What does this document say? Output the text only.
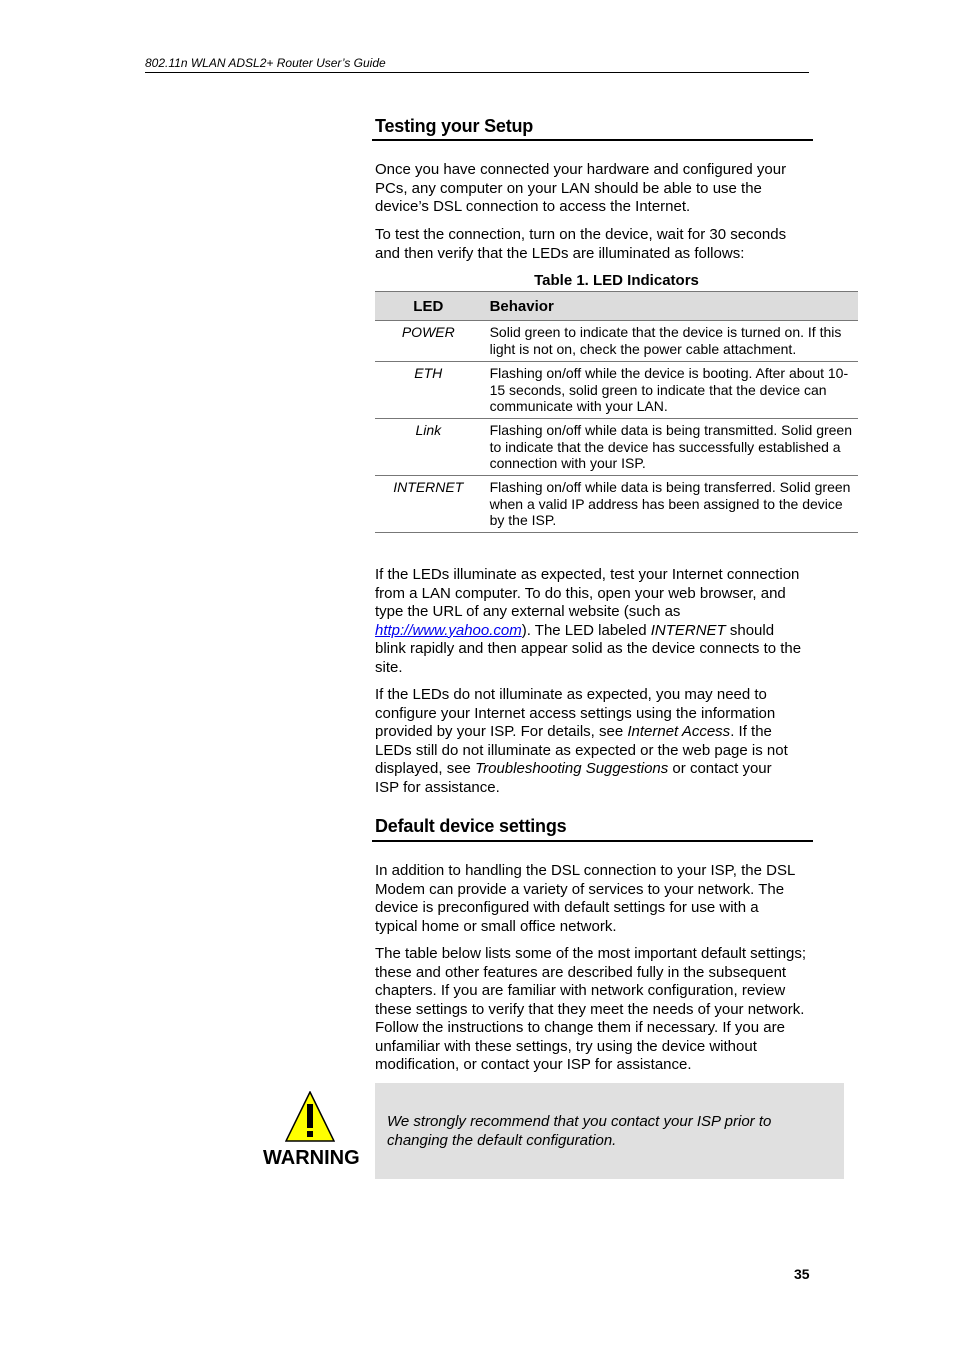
802.11n WLAN ADSL2+ Router User’s Guide
Testing your Setup

Once you have connected your hardware and configured your
PCs, any computer on your LAN should be able to use the
device’s DSL connection to access the Internet.

To test the connection, turn on the device, wait for 30 seconds
and then verify that the LEDs are illuminated as follows:

Table 1. LED Indicators
LED	Behavior
POWER	Solid green to indicate that the device is turned on. If this
light is not on, check the power cable attachment.

ETH	Flashing on/off while the device is booting. After about 10-
15 seconds, solid green to indicate that the device can
communicate with your LAN.

Link	Flashing on/off while data is being transmitted. Solid green
to indicate that the device has successfully established a
connection with your ISP.

INTERNET	Flashing on/off while data is being transferred. Solid green
when a valid IP address has been assigned to the device
by the ISP.

If the LEDs illuminate as expected, test your Internet connection
from a LAN computer. To do this, open your web browser, and
type the URL of any external website (such as
http://www.yahoo.com). The LED labeled INTERNET should
blink rapidly and then appear solid as the device connects to the
site.

If the LEDs do not illuminate as expected, you may need to
configure your Internet access settings using the information
provided by your ISP. For details, see Internet Access. If the
LEDs still do not illuminate as expected or the web page is not
displayed, see Troubleshooting Suggestions or contact your
ISP for assistance.

Default device settings

In addition to handling the DSL connection to your ISP, the DSL
Modem can provide a variety of services to your network. The
device is preconfigured with default settings for use with a
typical home or small office network.

The table below lists some of the most important default settings;
these and other features are described fully in the subsequent
chapters. If you are familiar with network configuration, review
these settings to verify that they meet the needs of your network.
Follow the instructions to change them if necessary. If you are
unfamiliar with these settings, try using the device without
modification, or contact your ISP for assistance.

WARNING

We strongly recommend that you contact your ISP prior to
changing the default configuration.

35
